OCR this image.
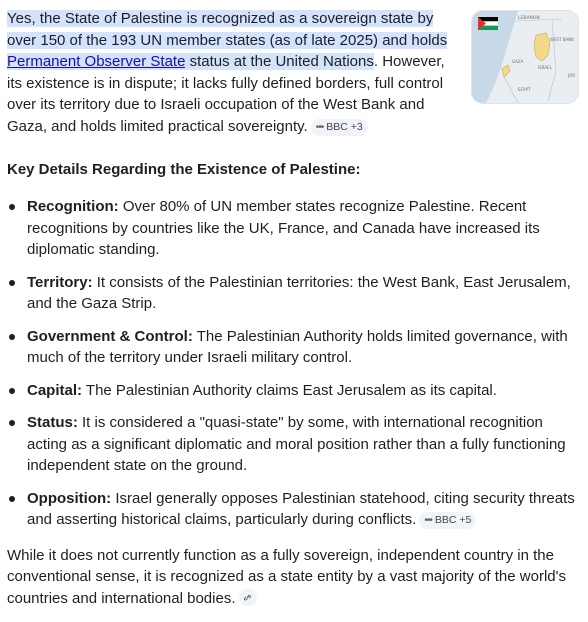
LEBANON
WEST BANK
GAZA
ISRAEL
EGYPT
JOR

Yes, the State of Palestine is recognized as a sovereign state by over 150 of the 193 UN member states (as of late 2025) and holds Permanent Observer State status at the United Nations. However, its existence is in dispute; it lacks fully defined borders, full control over its territory due to Israeli occupation of the West Bank and Gaza, and holds limited practical sovereignty. ••• BBC +3

Key Details Regarding the Existence of Palestine:
Recognition: Over 80% of UN member states recognize Palestine. Recent recognitions by countries like the UK, France, and Canada have increased its diplomatic standing.
Territory: It consists of the Palestinian territories: the West Bank, East Jerusalem, and the Gaza Strip.
Government & Control: The Palestinian Authority holds limited governance, with much of the territory under Israeli military control.
Capital: The Palestinian Authority claims East Jerusalem as its capital.
Status: It is considered a "quasi-state" by some, with international recognition acting as a significant diplomatic and moral position rather than a fully functioning independent state on the ground.
Opposition: Israel generally opposes Palestinian statehood, citing security threats and asserting historical claims, particularly during conflicts. ••• BBC +5

While it does not currently function as a fully sovereign, independent country in the conventional sense, it is recognized as a state entity by a vast majority of the world's countries and international bodies.
